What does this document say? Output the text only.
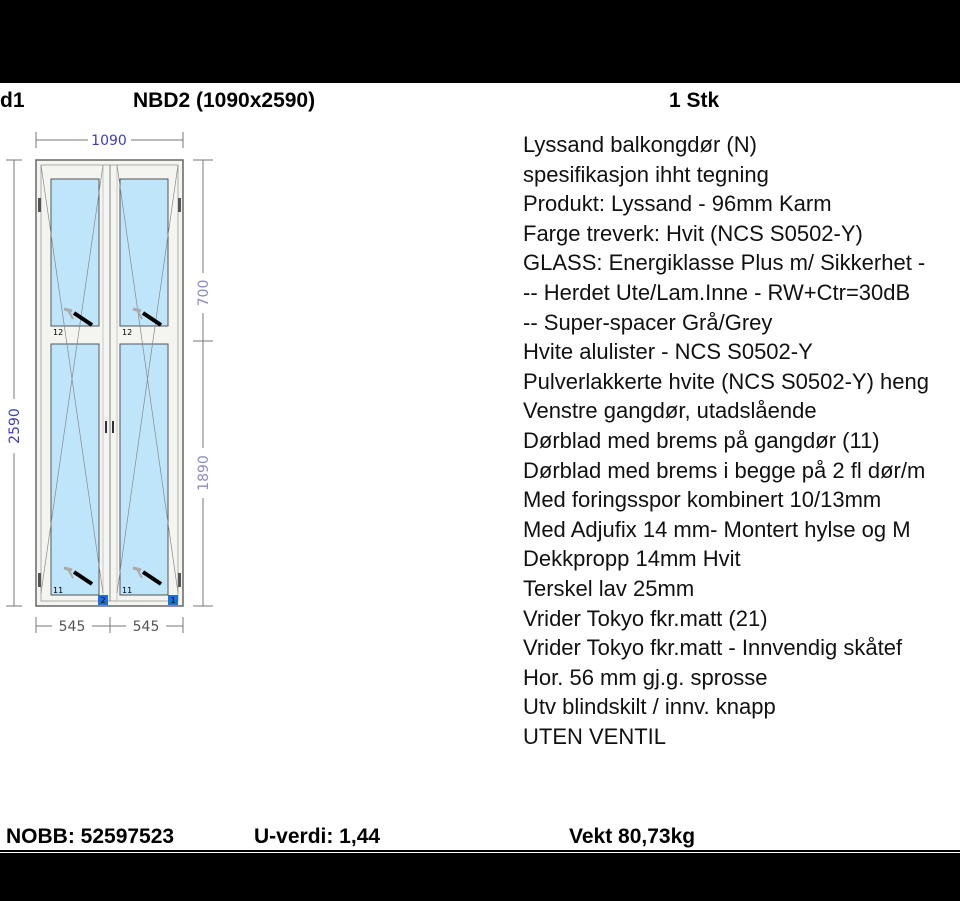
d1	NBD2 (1090x2590)	1 Stk
1090
2590
700
1890
545	545
12	12
11	11
2	1
Lyssand balkongdør (N)
spesifikasjon ihht tegning
Produkt: Lyssand - 96mm Karm
Farge treverk: Hvit (NCS S0502-Y)
GLASS: Energiklasse Plus m/ Sikkerhet -
-- Herdet Ute/Lam.Inne - RW+Ctr=30dB
-- Super-spacer Grå/Grey
Hvite alulister - NCS S0502-Y
Pulverlakkerte hvite (NCS S0502-Y) heng
Venstre gangdør, utadslående
Dørblad med brems på gangdør (11)
Dørblad med brems i begge på 2 fl dør/m
Med foringsspor kombinert 10/13mm
Med Adjufix 14 mm- Montert hylse og M
Dekkpropp 14mm Hvit
Terskel lav 25mm
Vrider Tokyo fkr.matt (21)
Vrider Tokyo fkr.matt - Innvendig skåtef
Hor. 56 mm gj.g. sprosse
Utv blindskilt / innv. knapp
UTEN VENTIL
NOBB: 52597523	U-verdi: 1,44	Vekt 80,73kg
